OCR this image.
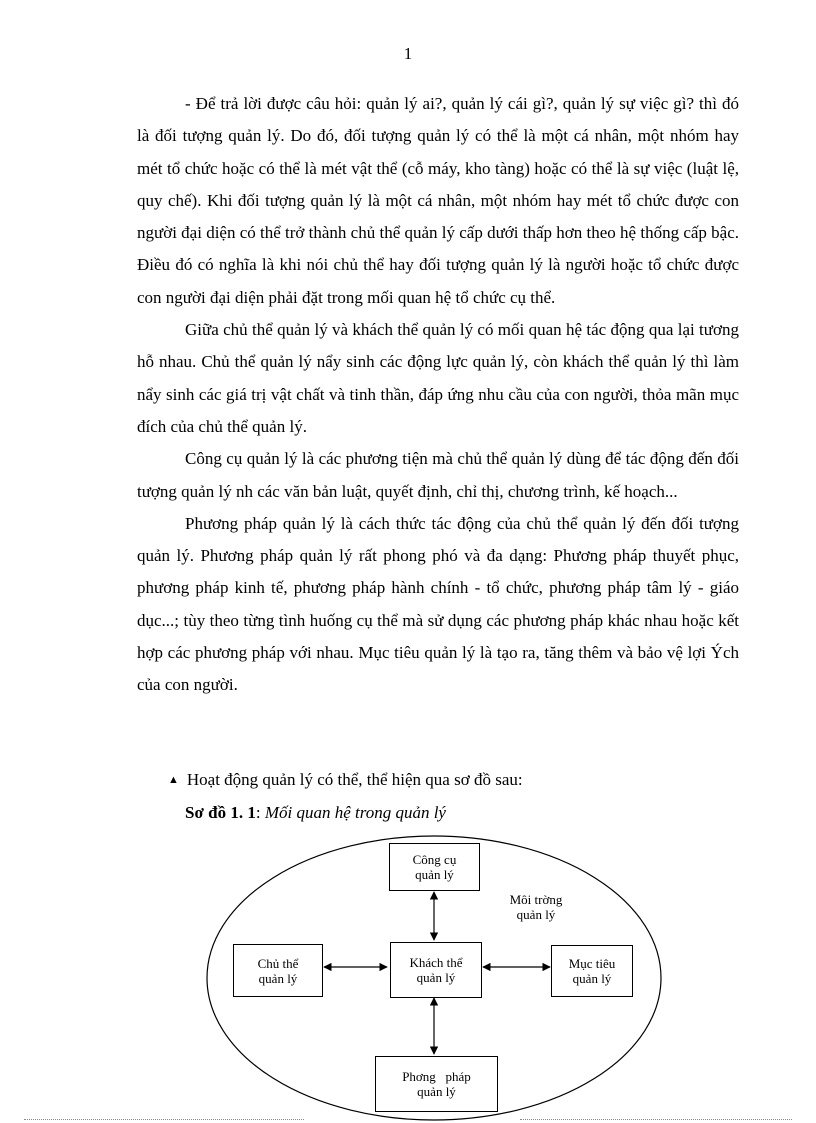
1

- Để trả lời được câu hỏi: quản lý ai?, quản lý cái gì?, quản lý sự việc gì? thì đó là đối tượng quản lý. Do đó, đối tượng quản lý có thể là một cá nhân, một nhóm hay mét tổ chức hoặc có thể là mét vật thể (cỗ máy, kho tàng) hoặc có thể là sự việc (luật lệ, quy chế). Khi đối tượng quản lý là một cá nhân, một nhóm hay mét tổ chức được con người đại diện có thể trở thành chủ thể quản lý cấp dưới thấp hơn theo hệ thống cấp bậc. Điều đó có nghĩa là khi nói chủ thể hay đối tượng quản lý là người hoặc tổ chức được con người đại diện phải đặt trong mối quan hệ tổ chức cụ thể.

Giữa chủ thể quản lý và khách thể quản lý có mối quan hệ tác động qua lại tương hỗ nhau. Chủ thể quản lý nẩy sinh các động lực quản lý, còn khách thể quản lý thì làm nẩy sinh các giá trị vật chất và tinh thần, đáp ứng nhu cầu của con người, thỏa mãn mục đích của chủ thể quản lý.

Công cụ quản lý là các phương tiện mà chủ thể quản lý dùng để tác động đến đối tượng quản lý nh các văn bản luật, quyết định, chỉ thị, chương trình, kế hoạch...

Phương pháp quản lý là cách thức tác động của chủ thể quản lý đến đối tượng quản lý. Phương pháp quản lý rất phong phó và đa dạng: Phương pháp thuyết phục, phương pháp kinh tế, phương pháp hành chính - tổ chức, phương pháp tâm lý - giáo dục...; tùy theo từng tình huống cụ thể mà sử dụng các phương pháp khác nhau hoặc kết hợp các phương pháp với nhau. Mục tiêu quản lý là tạo ra, tăng thêm và bảo vệ lợi Ých của con người.

▲ Hoạt động quản lý có thể, thể hiện qua sơ đồ sau:
Sơ đồ 1. 1: Mối quan hệ trong quản lý
Công cụ
quản lý
Môi trờng
quản lý
Chủ thể
quản lý
Khách thể
quản lý
Mục tiêu
quản lý
Phơng   pháp
quản lý
